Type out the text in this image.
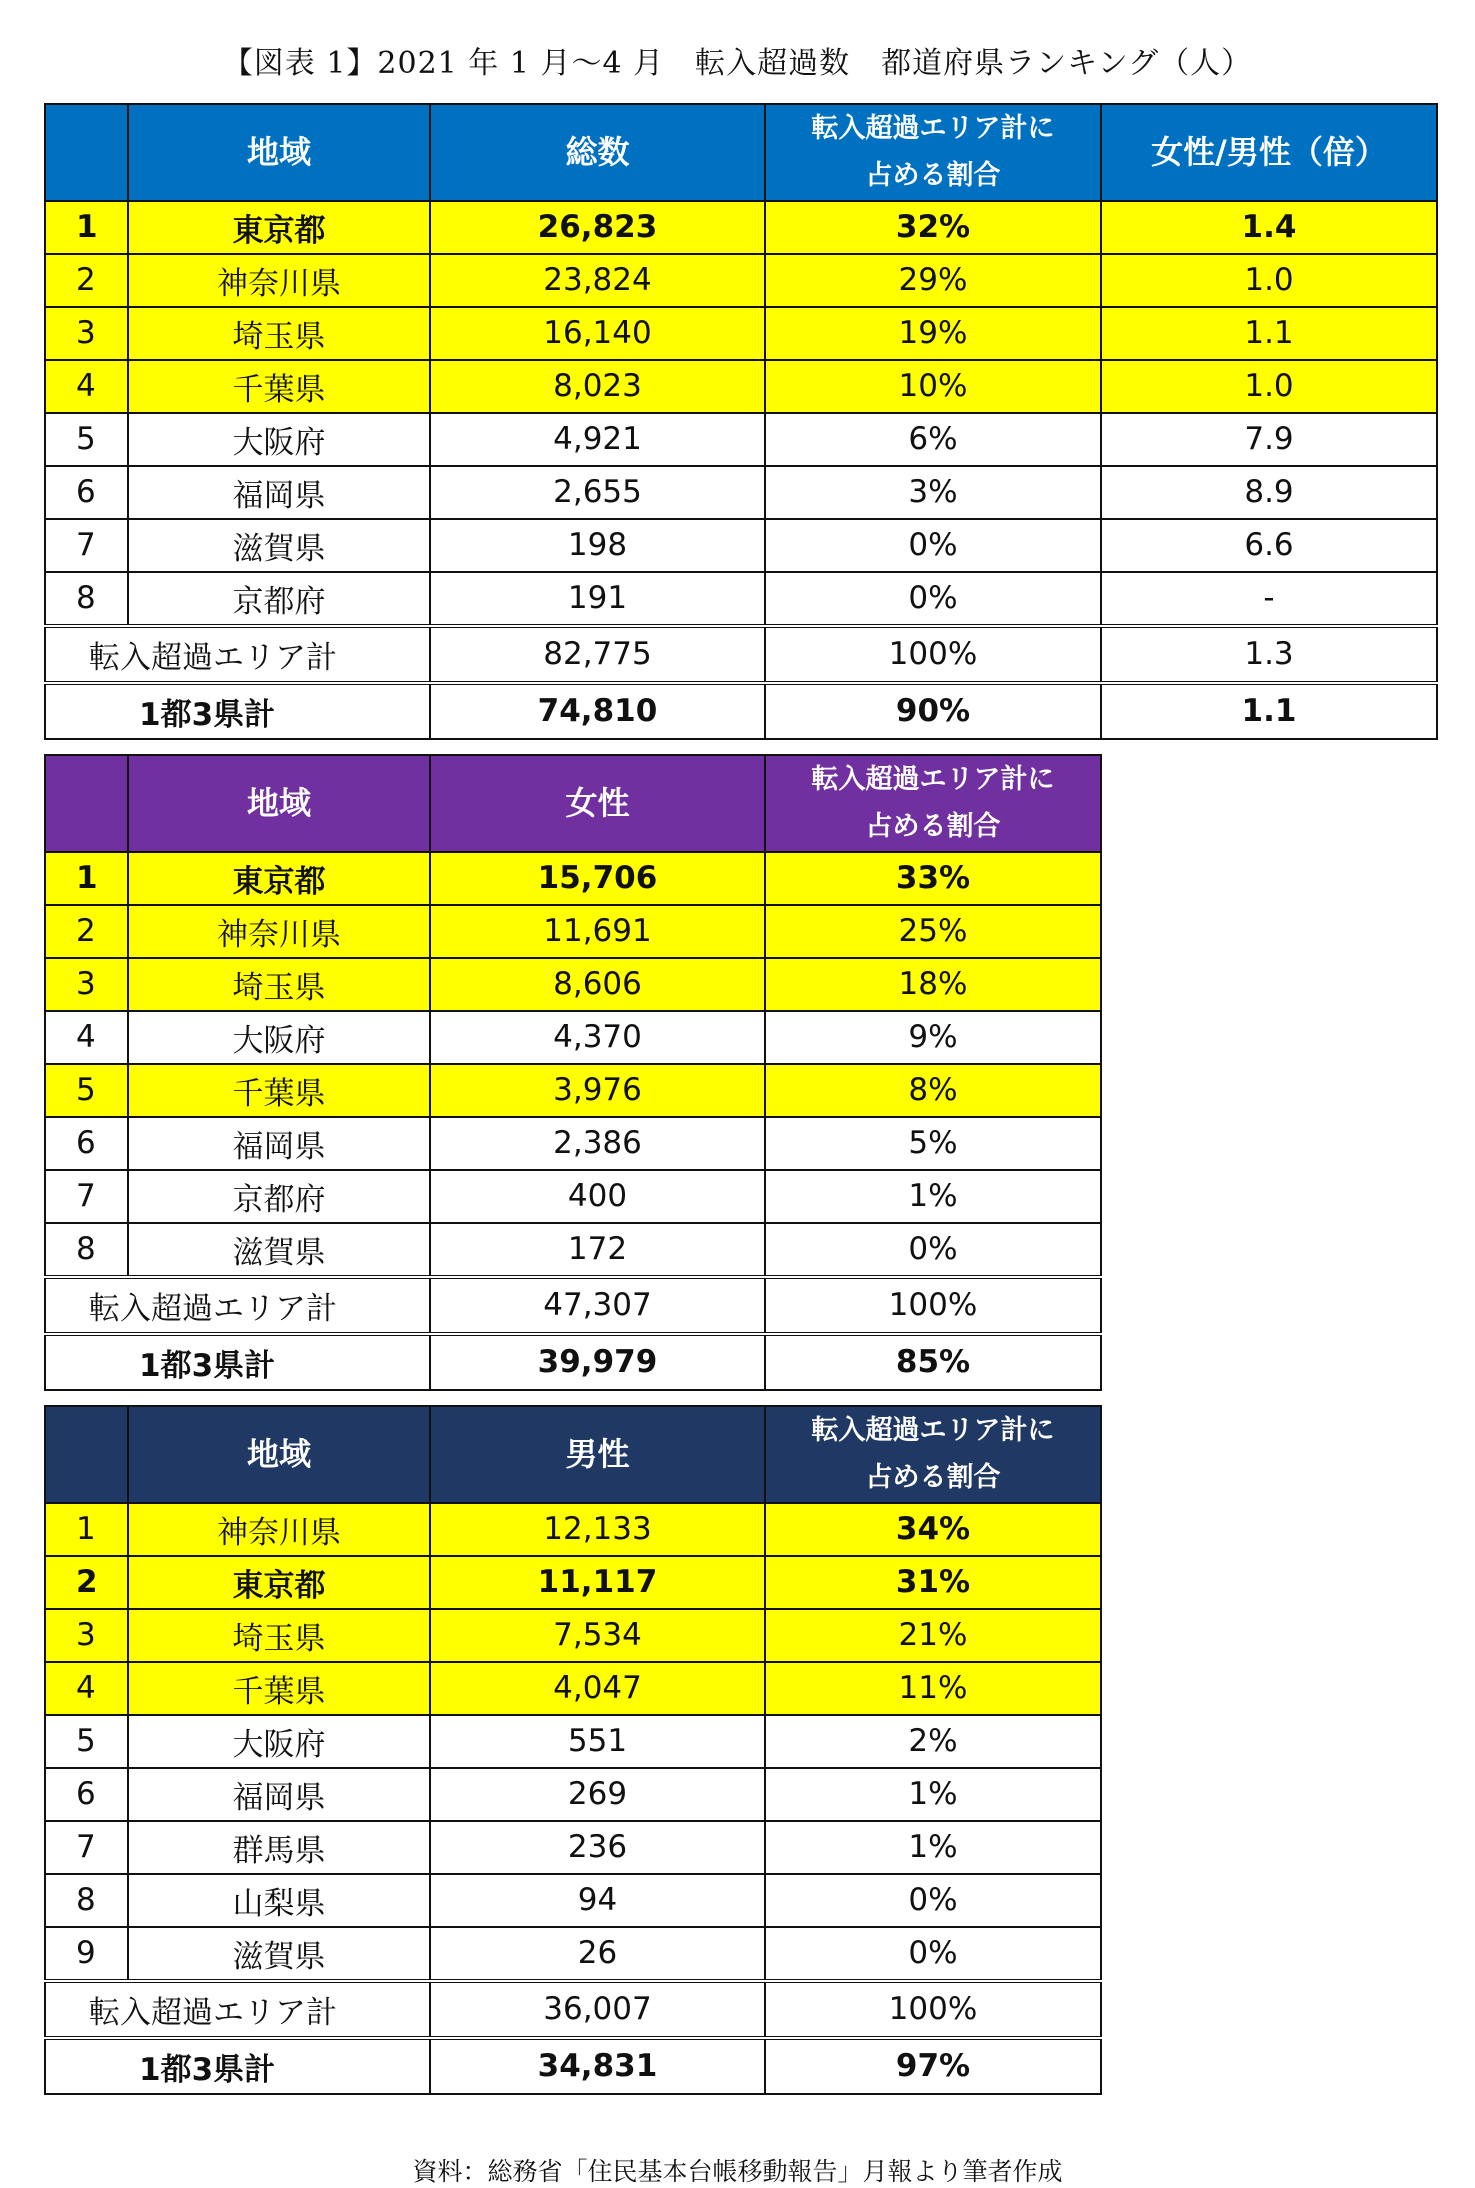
【図表 1】2021 年 1 月～4 月　転入超過数　都道府県ランキング（人）
	地域	総数	転入超過エリア計に占める割合	女性/男性（倍）
1	東京都	26,823	32%	1.4
2	神奈川県	23,824	29%	1.0
3	埼玉県	16,140	19%	1.1
4	千葉県	8,023	10%	1.0
5	大阪府	4,921	6%	7.9
6	福岡県	2,655	3%	8.9
7	滋賀県	198	0%	6.6
8	京都府	191	0%	-
	転入超過エリア計	82,775	100%	1.3
	1都3県計	74,810	90%	1.1
	地域	女性	転入超過エリア計に占める割合
1	東京都	15,706	33%
2	神奈川県	11,691	25%
3	埼玉県	8,606	18%
4	大阪府	4,370	9%
5	千葉県	3,976	8%
6	福岡県	2,386	5%
7	京都府	400	1%
8	滋賀県	172	0%
	転入超過エリア計	47,307	100%
	1都3県計	39,979	85%
	地域	男性	転入超過エリア計に占める割合
1	神奈川県	12,133	34%
2	東京都	11,117	31%
3	埼玉県	7,534	21%
4	千葉県	4,047	11%
5	大阪府	551	2%
6	福岡県	269	1%
7	群馬県	236	1%
8	山梨県	94	0%
9	滋賀県	26	0%
	転入超過エリア計	36,007	100%
	1都3県計	34,831	97%
資料：総務省「住民基本台帳移動報告」月報より筆者作成
